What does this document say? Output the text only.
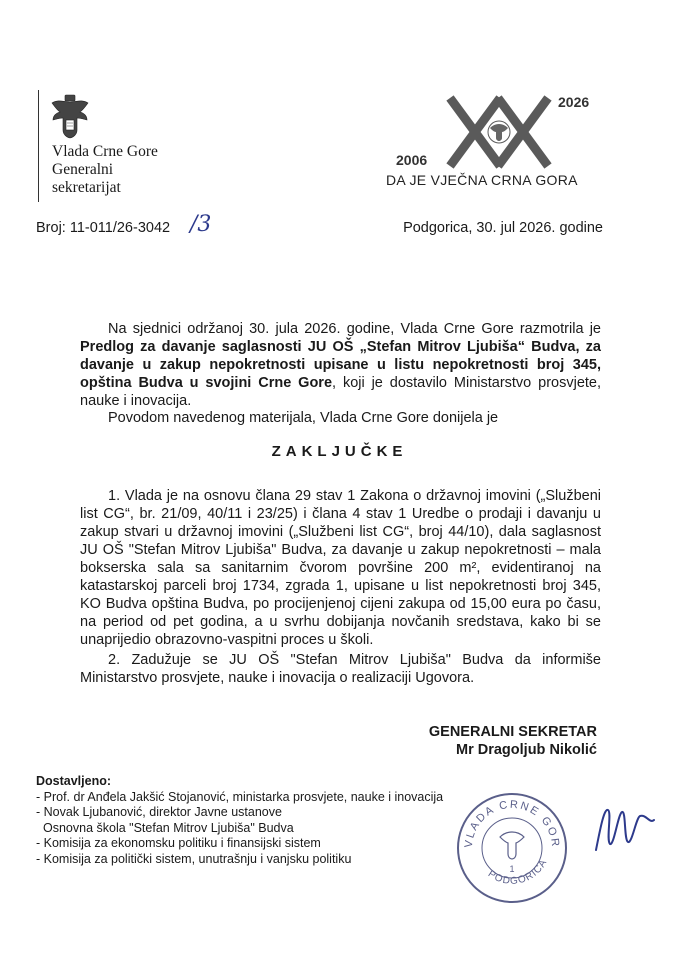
Vlada Crne Gore
Generalni
sekretarijat
2026
2006
DA JE VJEČNA CRNA GORA
Broj: 11-011/26-3042 /3	Podgorica, 30. jul 2026. godine

Na sjednici održanoj 30. jula 2026. godine, Vlada Crne Gore razmotrila je Predlog za davanje saglasnosti JU OŠ „Stefan Mitrov Ljubiša“ Budva, za davanje u zakup nepokretnosti upisane u listu nepokretnosti broj 345, opština Budva u svojini Crne Gore, koji je dostavilo Ministarstvo prosvjete, nauke i inovacija.

Povodom navedenog materijala, Vlada Crne Gore donijela je

ZAKLJUČKE

1. Vlada je na osnovu člana 29 stav 1 Zakona o državnoj imovini („Službeni list CG“, br. 21/09, 40/11 i 23/25) i člana 4 stav 1 Uredbe o prodaji i davanju u zakup stvari u državnoj imovini („Službeni list CG“, broj 44/10), dala saglasnost JU OŠ "Stefan Mitrov Ljubiša" Budva, za davanje u zakup nepokretnosti – mala bokserska sala sa sanitarnim čvorom površine 200 m², evidentiranoj na katastarskoj parceli broj 1734, zgrada 1, upisane u list nepokretnosti broj 345, KO Budva opština Budva, po procijenjenoj cijeni zakupa od 15,00 eura po času, na period od pet godina, a u svrhu dobijanja novčanih sredstava, kako bi se unaprijedio obrazovno-vaspitni proces u školi.

2. Zadužuje se JU OŠ "Stefan Mitrov Ljubiša" Budva da informiše Ministarstvo prosvjete, nauke i inovacija o realizaciji Ugovora.

GENERALNI SEKRETAR
Mr Dragoljub Nikolić
Dostavljeno:
- Prof. dr Anđela Jakšić Stojanović, ministarka prosvjete, nauke i inovacija
- Novak Ljubanović, direktor Javne ustanove
Osnovna škola "Stefan Mitrov Ljubiša" Budva
- Komisija za ekonomsku politiku i finansijski sistem
- Komisija za politički sistem, unutrašnju i vanjsku politiku
VLADA CRNE GOR
PODGORICA
1
